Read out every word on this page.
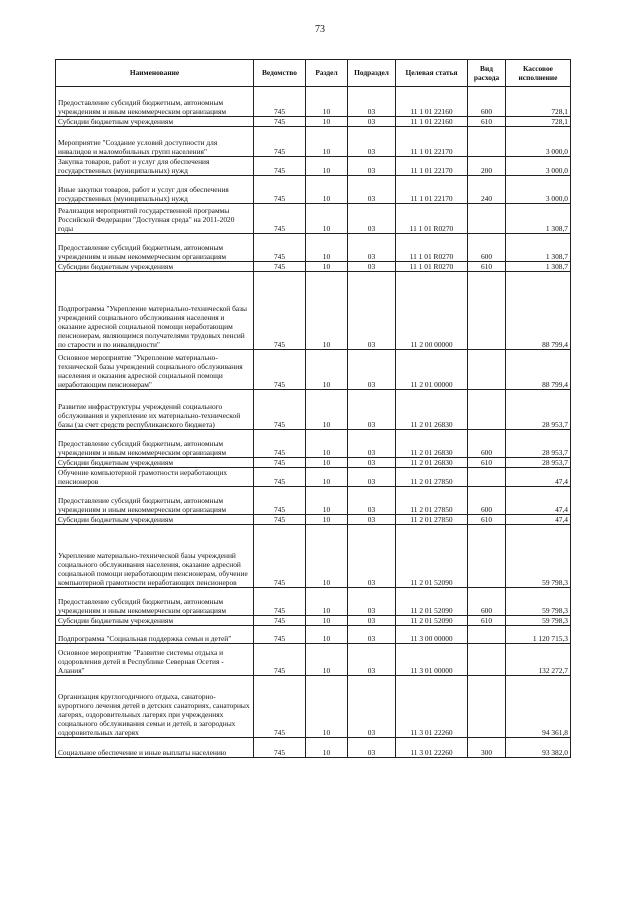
73
Наименование	Ведомство	Раздел	Подраздел	Целевая статья	Вид расхода	Кассовое исполнение
Предоставление субсидий бюджетным, автономным учреждениям и иным некоммерческим организациям	745	10	03	11 1 01 22160	600	728,1
Субсидии бюджетным учреждениям	745	10	03	11 1 01 22160	610	728,1
Мероприятие "Создание условий доступности для инвалидов и маломобильных групп населения"	745	10	03	11 1 01 22170		3 000,0
Закупка товаров, работ и услуг для обеспечения государственных (муниципальных) нужд	745	10	03	11 1 01 22170	200	3 000,0
Иные закупки товаров, работ и услуг для обеспечения государственных (муниципальных) нужд	745	10	03	11 1 01 22170	240	3 000,0
Реализация мероприятий государственной программы Российской Федерации "Доступная среда" на 2011-2020 годы	745	10	03	11 1 01 R0270		1 308,7
Предоставление субсидий бюджетным, автономным учреждениям и иным некоммерческим организациям	745	10	03	11 1 01 R0270	600	1 308,7
Субсидии бюджетным учреждениям	745	10	03	11 1 01 R0270	610	1 308,7
Подпрограмма "Укрепление материально-технической базы учреждений социального обслуживания населения и оказание адресной социальной помощи неработающим пенсионерам, являющимся получателями трудовых пенсий по старости и по инвалидности"	745	10	03	11 2 00 00000		88 799,4
Основное мероприятие "Укрепление материально-технической базы учреждений социального обслуживания населения и оказания адресной социальной помощи неработающим пенсионерам"	745	10	03	11 2 01 00000		88 799,4
Развитие инфраструктуры учреждений социального обслуживания и укрепление их материально-технической базы (за счет средств республиканского бюджета)	745	10	03	11 2 01 26830		28 953,7
Предоставление субсидий бюджетным, автономным учреждениям и иным некоммерческим организациям	745	10	03	11 2 01 26830	600	28 953,7
Субсидии бюджетным учреждениям	745	10	03	11 2 01 26830	610	28 953,7
Обучение компьютерной грамотности неработающих пенсионеров	745	10	03	11 2 01 27850		47,4
Предоставление субсидий бюджетным, автономным учреждениям и иным некоммерческим организациям	745	10	03	11 2 01 27850	600	47,4
Субсидии бюджетным учреждениям	745	10	03	11 2 01 27850	610	47,4
Укрепление материально-технической базы учреждений социального обслуживания населения, оказание адресной социальной помощи неработающим пенсионерам, обучение компьютерной грамотности неработающих пенсионеров	745	10	03	11 2 01 52090		59 798,3
Предоставление субсидий бюджетным, автономным учреждениям и иным некоммерческим организациям	745	10	03	11 2 01 52090	600	59 798,3
Субсидии бюджетным учреждениям	745	10	03	11 2 01 52090	610	59 798,3
Подпрограмма "Социальная поддержка семьи и детей"	745	10	03	11 3 00 00000		1 120 715,3
Основное мероприятие "Развитие системы отдыха и оздоровления детей в Республике Северная Осетия - Алания"	745	10	03	11 3 01 00000		132 272,7
Организация круглогодичного отдыха, санаторно-курортного лечения детей в детских санаториях, санаторных лагерях, оздоровительных лагерях при учреждениях социального обслуживания семьи и детей, в загородных оздоровительных лагерях	745	10	03	11 3 01 22260		94 361,8
Социальное обеспечение и иные выплаты населению	745	10	03	11 3 01 22260	300	93 382,0
